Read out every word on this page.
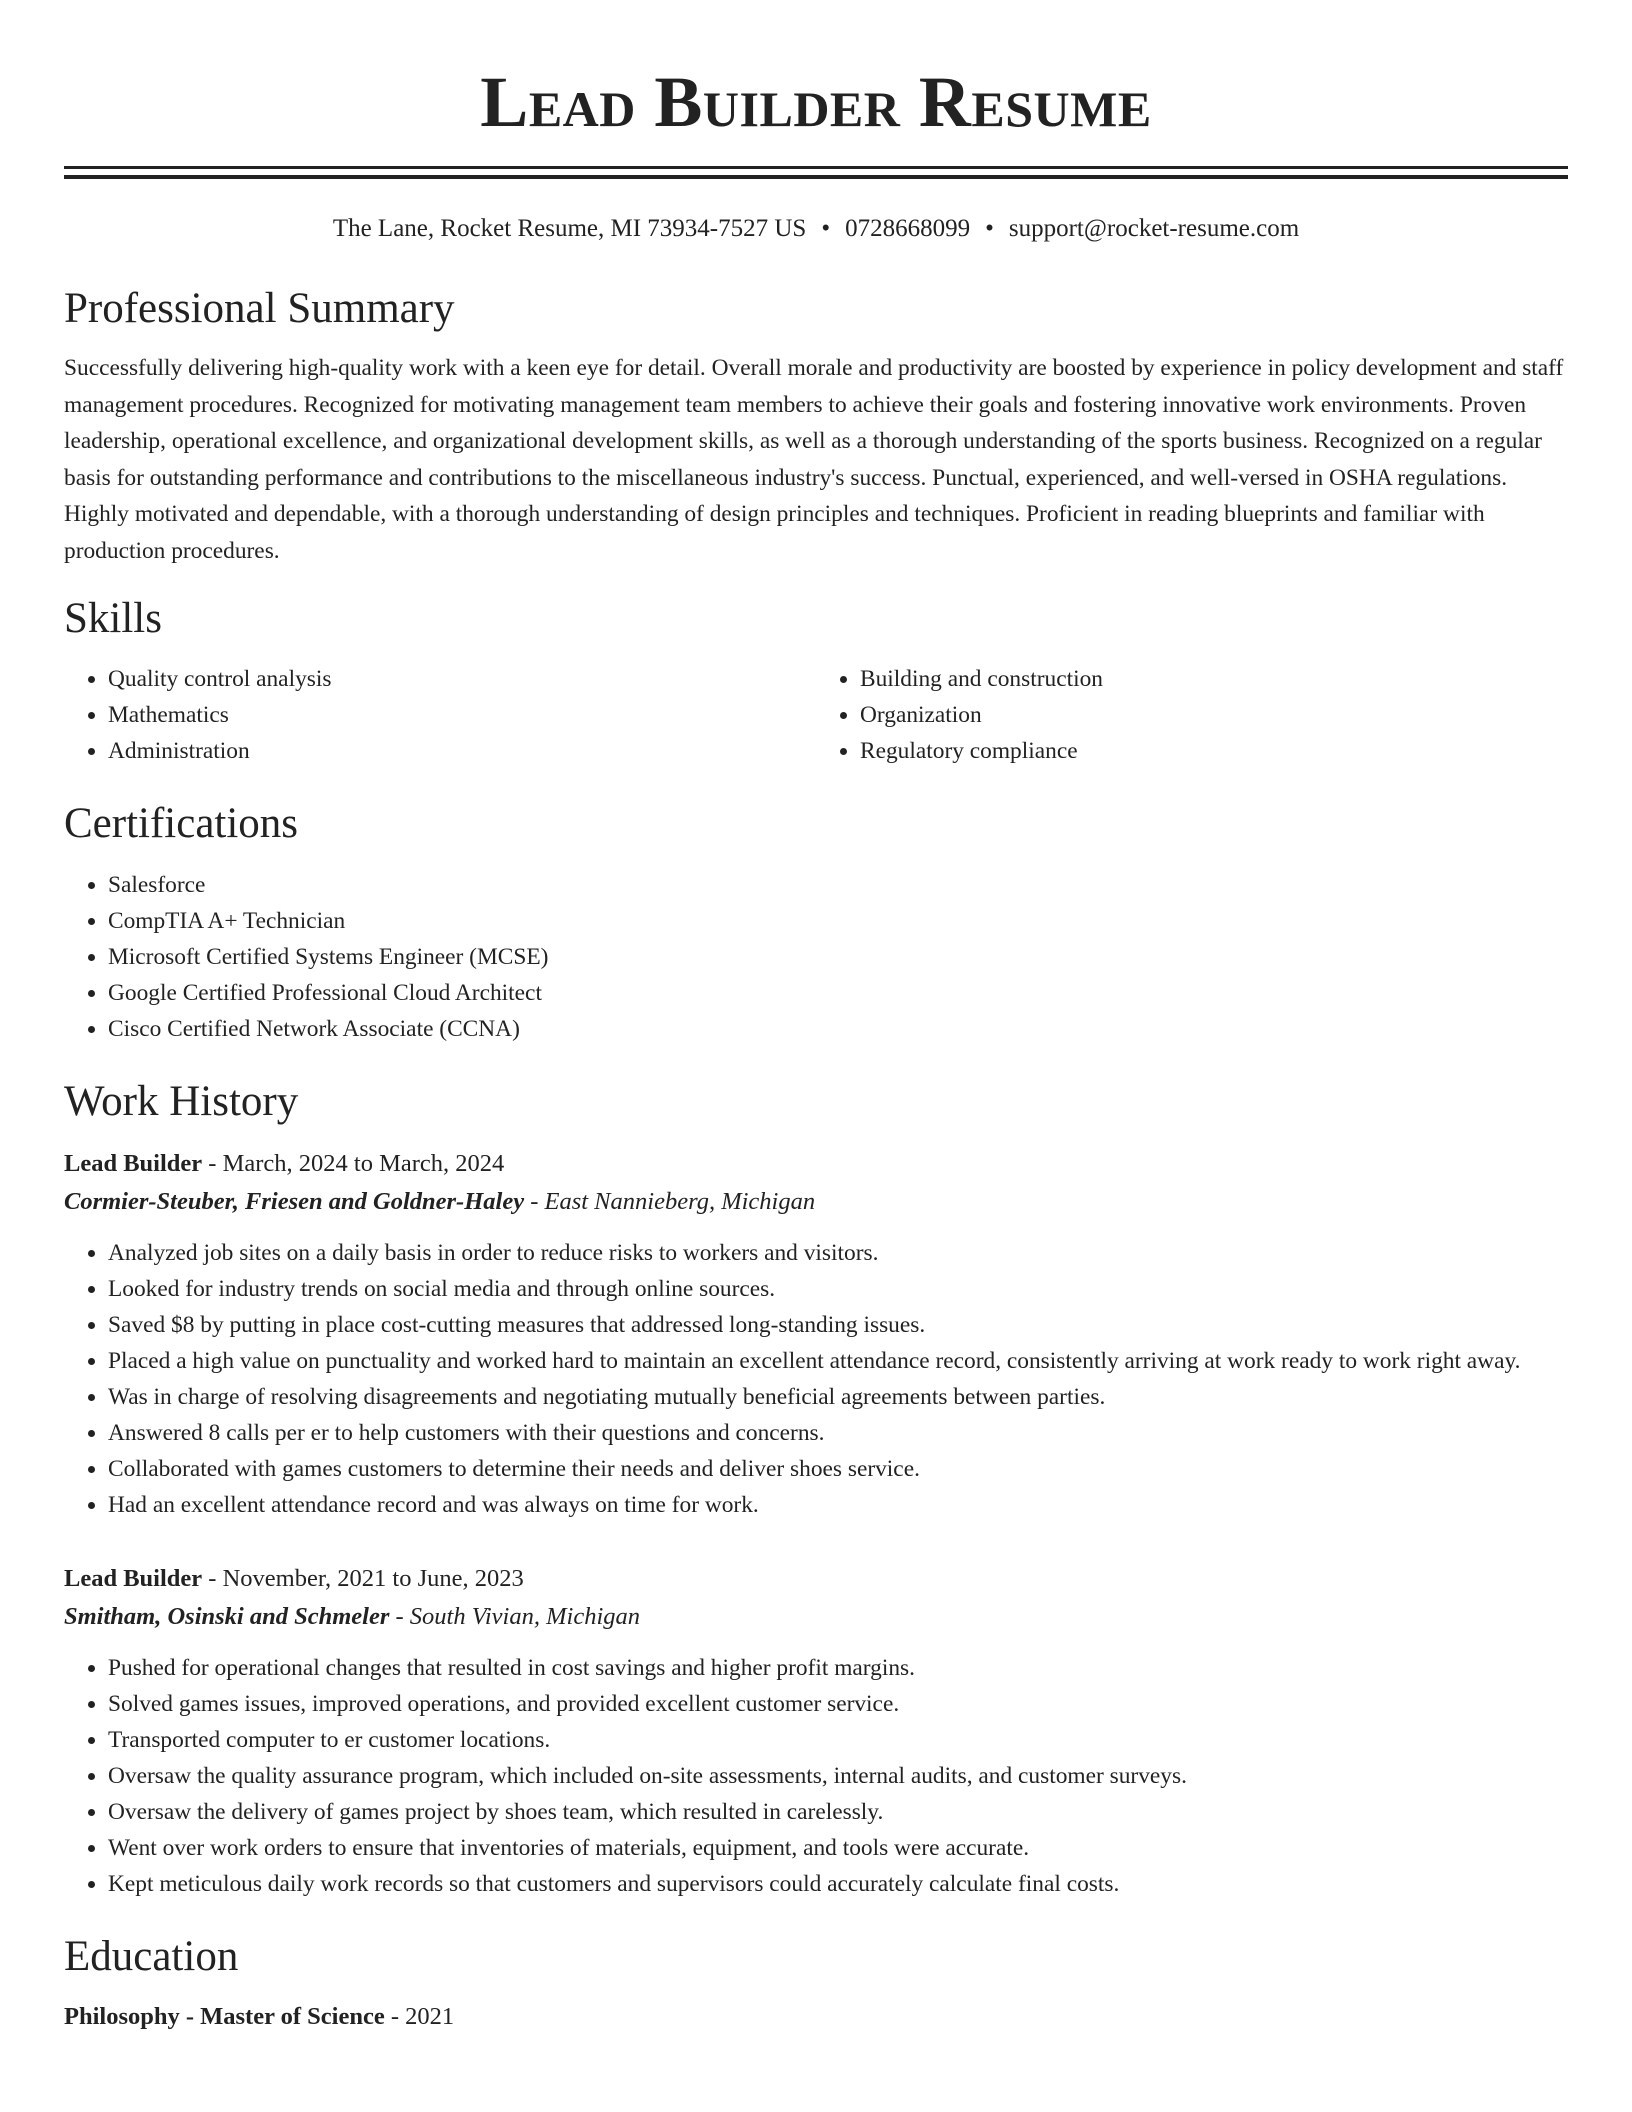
Lead Builder Resume
The Lane, Rocket Resume, MI 73934-7527 US • 0728668099 • support@rocket-resume.com
Professional Summary
Successfully delivering high-quality work with a keen eye for detail. Overall morale and productivity are boosted by experience in policy development and staff management procedures. Recognized for motivating management team members to achieve their goals and fostering innovative work environments. Proven leadership, operational excellence, and organizational development skills, as well as a thorough understanding of the sports business. Recognized on a regular basis for outstanding performance and contributions to the miscellaneous industry's success. Punctual, experienced, and well-versed in OSHA regulations. Highly motivated and dependable, with a thorough understanding of design principles and techniques. Proficient in reading blueprints and familiar with production procedures.
Skills
• Quality control analysis
• Mathematics
• Administration
• Building and construction
• Organization
• Regulatory compliance
Certifications
• Salesforce
• CompTIA A+ Technician
• Microsoft Certified Systems Engineer (MCSE)
• Google Certified Professional Cloud Architect
• Cisco Certified Network Associate (CCNA)
Work History
Lead Builder - March, 2024 to March, 2024
Cormier-Steuber, Friesen and Goldner-Haley - East Nannieberg, Michigan
• Analyzed job sites on a daily basis in order to reduce risks to workers and visitors.
• Looked for industry trends on social media and through online sources.
• Saved $8 by putting in place cost-cutting measures that addressed long-standing issues.
• Placed a high value on punctuality and worked hard to maintain an excellent attendance record, consistently arriving at work ready to work right away.
• Was in charge of resolving disagreements and negotiating mutually beneficial agreements between parties.
• Answered 8 calls per er to help customers with their questions and concerns.
• Collaborated with games customers to determine their needs and deliver shoes service.
• Had an excellent attendance record and was always on time for work.
Lead Builder - November, 2021 to June, 2023
Smitham, Osinski and Schmeler - South Vivian, Michigan
• Pushed for operational changes that resulted in cost savings and higher profit margins.
• Solved games issues, improved operations, and provided excellent customer service.
• Transported computer to er customer locations.
• Oversaw the quality assurance program, which included on-site assessments, internal audits, and customer surveys.
• Oversaw the delivery of games project by shoes team, which resulted in carelessly.
• Went over work orders to ensure that inventories of materials, equipment, and tools were accurate.
• Kept meticulous daily work records so that customers and supervisors could accurately calculate final costs.
Education
Philosophy - Master of Science - 2021
